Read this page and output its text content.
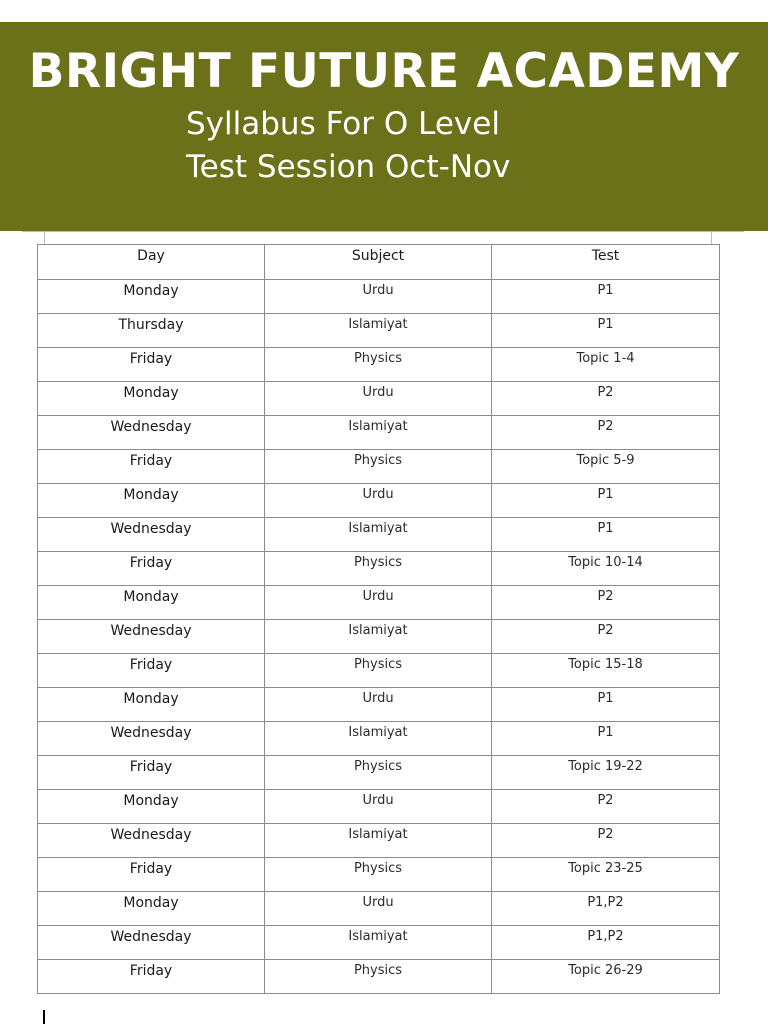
BRIGHT FUTURE ACADEMY
Syllabus For O Level
Test Session Oct-Nov
Day	Subject	Test
Monday	Urdu	P1
Thursday	Islamiyat	P1
Friday	Physics	Topic 1-4
Monday	Urdu	P2
Wednesday	Islamiyat	P2
Friday	Physics	Topic 5-9
Monday	Urdu	P1
Wednesday	Islamiyat	P1
Friday	Physics	Topic 10-14
Monday	Urdu	P2
Wednesday	Islamiyat	P2
Friday	Physics	Topic 15-18
Monday	Urdu	P1
Wednesday	Islamiyat	P1
Friday	Physics	Topic 19-22
Monday	Urdu	P2
Wednesday	Islamiyat	P2
Friday	Physics	Topic 23-25
Monday	Urdu	P1,P2
Wednesday	Islamiyat	P1,P2
Friday	Physics	Topic 26-29
